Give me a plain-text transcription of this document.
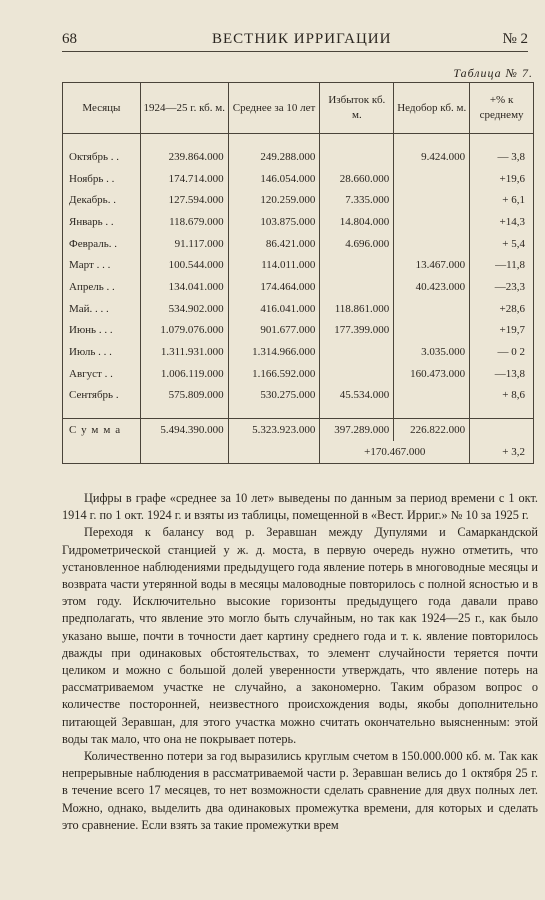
68	ВЕСТНИК ИРРИГАЦИИ	№ 2
Таблица № 7.
Месяцы	1924—25 г. кб. м.	Среднее за 10 лет	Избыток кб. м.	Недобор кб. м.	+% к среднему

Октябрь . .	239.864.000	249.288.000		9.424.000	— 3,8
Ноябрь . .	174.714.000	146.054.000	28.660.000		+19,6
Декабрь. .	127.594.000	120.259.000	7.335.000		+ 6,1
Январь . .	118.679.000	103.875.000	14.804.000		+14,3
Февраль. .	91.117.000	86.421.000	4.696.000		+ 5,4
Март . . .	100.544.000	114.011.000		13.467.000	—11,8
Апрель . .	134.041.000	174.464.000		40.423.000	—23,3
Май. . . .	534.902.000	416.041.000	118.861.000		+28,6
Июнь . . .	1.079.076.000	901.677.000	177.399.000		+19,7
Июль . . .	1.311.931.000	1.314.966.000		3.035.000	— 0 2
Август . .	1.006.119.000	1.166.592.000		160.473.000	—13,8
Сентябрь .	575.809.000	530.275.000	45.534.000		+ 8,6

Сумма	5.494.390.000	5.323.923.000	397.289.000	226.822.000	
			+170.467.000		+ 3,2

Цифры в графе «среднее за 10 лет» выведены по данным за период времени с 1 окт. 1914 г. по 1 окт. 1924 г. и взяты из таблицы, помещенной в «Вест. Ирриг.» № 10 за 1925 г.

Переходя к балансу вод р. Зеравшан между Дупулями и Самаркандской Гидрометрической станцией у ж. д. моста, в первую очередь нужно отметить, что установленное наблюдениями предыдущего года явление потерь в многоводные месяцы и возврата части утерянной воды в месяцы маловодные повторилось с полной ясностью и в этом году. Исключительно высокие горизонты предыдущего года давали право предполагать, что явление это могло быть случайным, но так как 1924—25 г., как было указано выше, почти в точности дает картину среднего года и т. к. явление повторилось дважды при одинаковых обстоятельствах, то элемент случайности теряется почти целиком и можно с большой долей уверенности утверждать, что явление потерь на рассматриваемом участке не случайно, а закономерно. Таким образом вопрос о количестве посторонней, неизвестного происхождения воды, якобы дополнительно питающей Зеравшан, для этого участка можно считать окончательно выясненным: этой воды так мало, что она не покрывает потерь.

Количественно потери за год выразились круглым счетом в 150.000.000 кб. м. Так как непрерывные наблюдения в рассматриваемой части р. Зеравшан велись до 1 октября 25 г. в течение всего 17 месяцев, то нет возможности сделать сравнение для двух полных лет. Можно, однако, выделить два одинаковых промежутка времени, для которых и сделать это сравнение. Если взять за такие промежутки врем
